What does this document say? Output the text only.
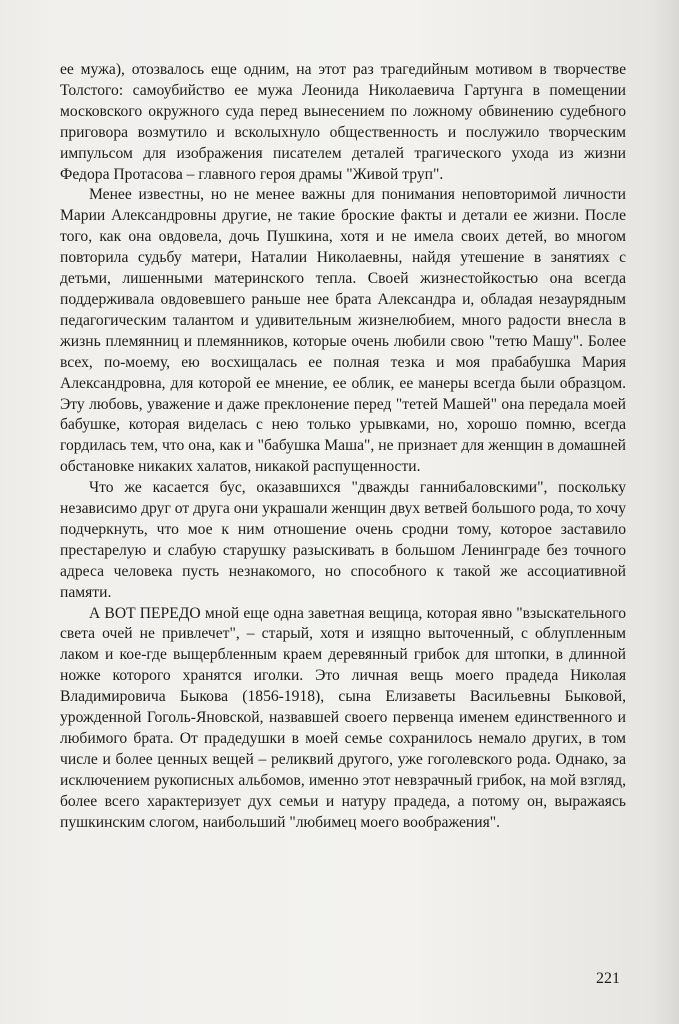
ее мужа), отозвалось еще одним, на этот раз трагедийным мотивом в творчестве Толстого: самоубийство ее мужа Леонида Николаевича Гартунга в помещении московского окружного суда перед вынесением по ложному обвинению судебного приговора возмутило и всколыхнуло общественность и послужило творческим импульсом для изображения писателем деталей трагического ухода из жизни Федора Протасова – главного героя драмы "Живой труп".

Менее известны, но не менее важны для понимания неповторимой личности Марии Александровны другие, не такие броские факты и детали ее жизни. После того, как она овдовела, дочь Пушкина, хотя и не имела своих детей, во многом повторила судьбу матери, Наталии Николаевны, найдя утешение в занятиях с детьми, лишенными материнского тепла. Своей жизнестойкостью она всегда поддерживала овдовевшего раньше нее брата Александра и, обладая незаурядным педагогическим талантом и удивительным жизнелюбием, много радости внесла в жизнь племянниц и племянников, которые очень любили свою "тетю Машу". Более всех, по-моему, ею восхищалась ее полная тезка и моя прабабушка Мария Александровна, для которой ее мнение, ее облик, ее манеры всегда были образцом. Эту любовь, уважение и даже преклонение перед "тетей Машей" она передала моей бабушке, которая виделась с нею только урывками, но, хорошо помню, всегда гордилась тем, что она, как и "бабушка Маша", не признает для женщин в домашней обстановке никаких халатов, никакой распущенности.

Что же касается бус, оказавшихся "дважды ганнибаловскими", поскольку независимо друг от друга они украшали женщин двух ветвей большого рода, то хочу подчеркнуть, что мое к ним отношение очень сродни тому, которое заставило престарелую и слабую старушку разыскивать в большом Ленинграде без точного адреса человека пусть незнакомого, но способного к такой же ассоциативной памяти.

А ВОТ ПЕРЕДО мной еще одна заветная вещица, которая явно "взыскательного света очей не привлечет", – старый, хотя и изящно выточенный, с облупленным лаком и кое-где выщербленным краем деревянный грибок для штопки, в длинной ножке которого хранятся иголки. Это личная вещь моего прадеда Николая Владимировича Быкова (1856-1918), сына Елизаветы Васильевны Быковой, урожденной Гоголь-Яновской, назвавшей своего первенца именем единственного и любимого брата. От прадедушки в моей семье сохранилось немало других, в том числе и более ценных вещей – реликвий другого, уже гоголевского рода. Однако, за исключением рукописных альбомов, именно этот невзрачный грибок, на мой взгляд, более всего характеризует дух семьи и натуру прадеда, а потому он, выражаясь пушкинским слогом, наибольший "любимец моего воображения".

221
